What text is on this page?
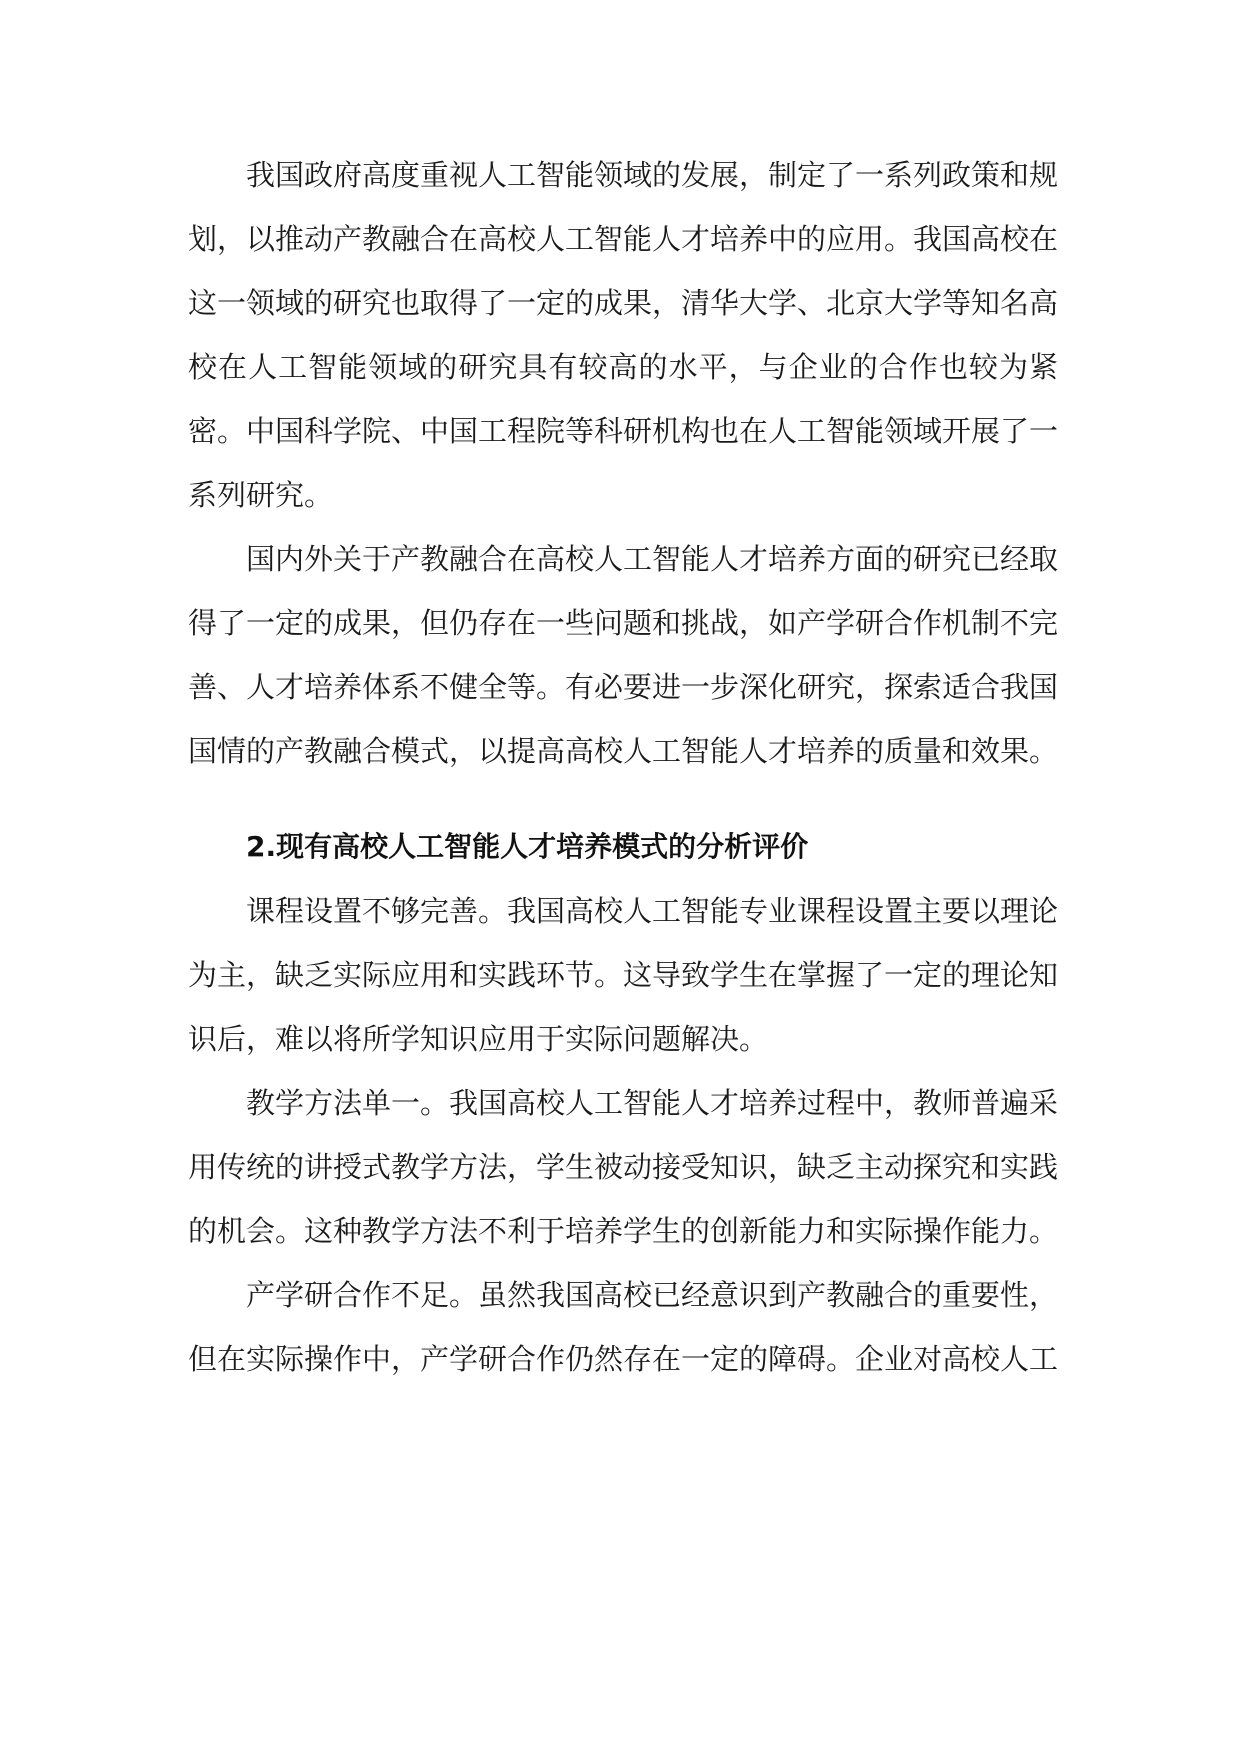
我国政府高度重视人工智能领域的发展，制定了一系列政策和规划，以推动产教融合在高校人工智能人才培养中的应用。我国高校在这一领域的研究也取得了一定的成果，清华大学、北京大学等知名高校在人工智能领域的研究具有较高的水平，与企业的合作也较为紧密。中国科学院、中国工程院等科研机构也在人工智能领域开展了一系列研究。

国内外关于产教融合在高校人工智能人才培养方面的研究已经取得了一定的成果，但仍存在一些问题和挑战，如产学研合作机制不完善、人才培养体系不健全等。有必要进一步深化研究，探索适合我国国情的产教融合模式，以提高高校人工智能人才培养的质量和效果。

2.现有高校人工智能人才培养模式的分析评价

课程设置不够完善。我国高校人工智能专业课程设置主要以理论为主，缺乏实际应用和实践环节。这导致学生在掌握了一定的理论知识后，难以将所学知识应用于实际问题解决。

教学方法单一。我国高校人工智能人才培养过程中，教师普遍采用传统的讲授式教学方法，学生被动接受知识，缺乏主动探究和实践的机会。这种教学方法不利于培养学生的创新能力和实际操作能力。

产学研合作不足。虽然我国高校已经意识到产教融合的重要性，但在实际操作中，产学研合作仍然存在一定的障碍。企业对高校人工
